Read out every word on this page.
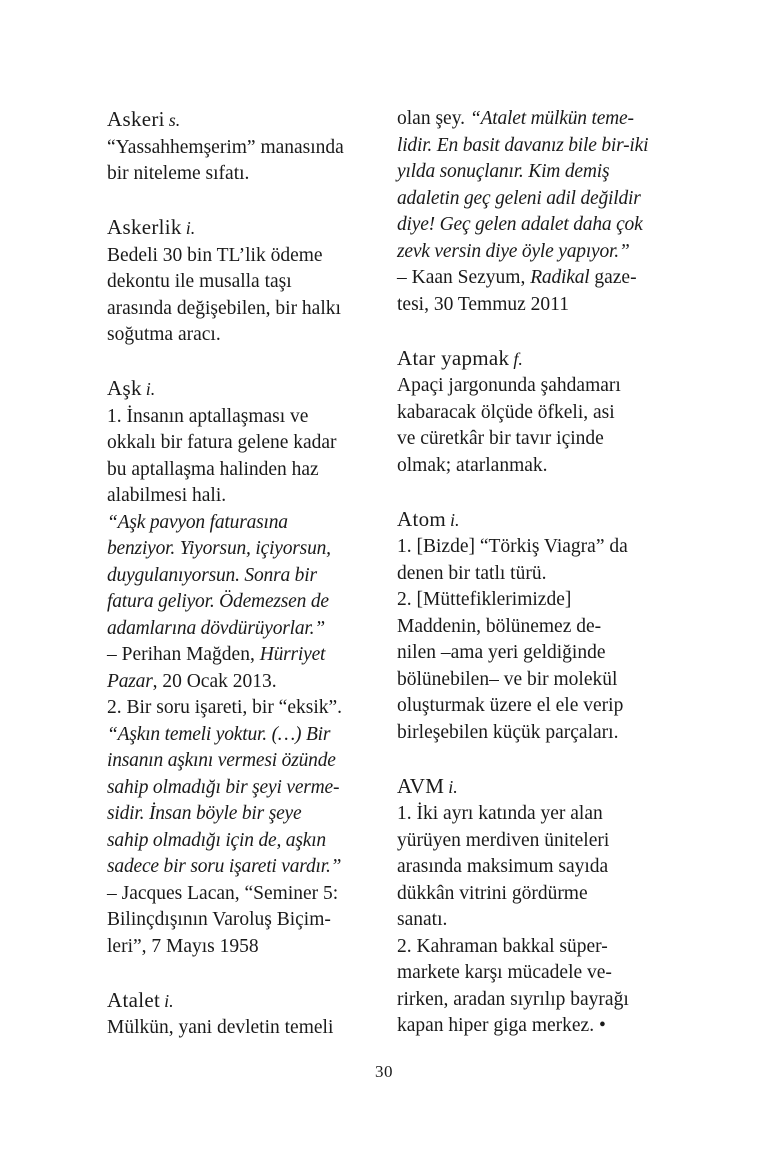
Askeri s.
“Yassahhemşerim” manasında
bir niteleme sıfatı.
Askerlik i.
Bedeli 30 bin TL’lik ödeme
dekontu ile musalla taşı
arasında değişebilen, bir halkı
soğutma aracı.
Aşk i.
1. İnsanın aptallaşması ve
okkalı bir fatura gelene kadar
bu aptallaşma halinden haz
alabilmesi hali.
“Aşk pavyon faturasına
benziyor. Yiyorsun, içiyorsun,
duygulanıyorsun. Sonra bir
fatura geliyor. Ödemezsen de
adamlarına dövdürüyorlar.”
– Perihan Mağden, Hürriyet
Pazar, 20 Ocak 2013.
2. Bir soru işareti, bir “eksik”.
“Aşkın temeli yoktur. (…) Bir
insanın aşkını vermesi özünde
sahip olmadığı bir şeyi verme-
sidir. İnsan böyle bir şeye
sahip olmadığı için de, aşkın
sadece bir soru işareti vardır.”
– Jacques Lacan, “Seminer 5:
Bilinçdışının Varoluş Biçim-
leri”, 7 Mayıs 1958
Atalet i.
Mülkün, yani devletin temeli
olan şey. “Atalet mülkün teme-
lidir. En basit davanız bile bir-iki
yılda sonuçlanır. Kim demiş
adaletin geç geleni adil değildir
diye! Geç gelen adalet daha çok
zevk versin diye öyle yapıyor.”
– Kaan Sezyum, Radikal gaze-
tesi, 30 Temmuz 2011
Atar yapmak f.
Apaçi jargonunda şahdamarı
kabaracak ölçüde öfkeli, asi
ve cüretkâr bir tavır içinde
olmak; atarlanmak.
Atom i.
1. [Bizde] “Törkiş Viagra” da
denen bir tatlı türü.
2. [Müttefiklerimizde]
Maddenin, bölünemez de-
nilen –ama yeri geldiğinde
bölünebilen– ve bir molekül
oluşturmak üzere el ele verip
birleşebilen küçük parçaları.
AVM i.
1. İki ayrı katında yer alan
yürüyen merdiven üniteleri
arasında maksimum sayıda
dükkân vitrini gördürme
sanatı.
2. Kahraman bakkal süper-
markete karşı mücadele ve-
rirken, aradan sıyrılıp bayrağı
kapan hiper giga merkez. •
30
